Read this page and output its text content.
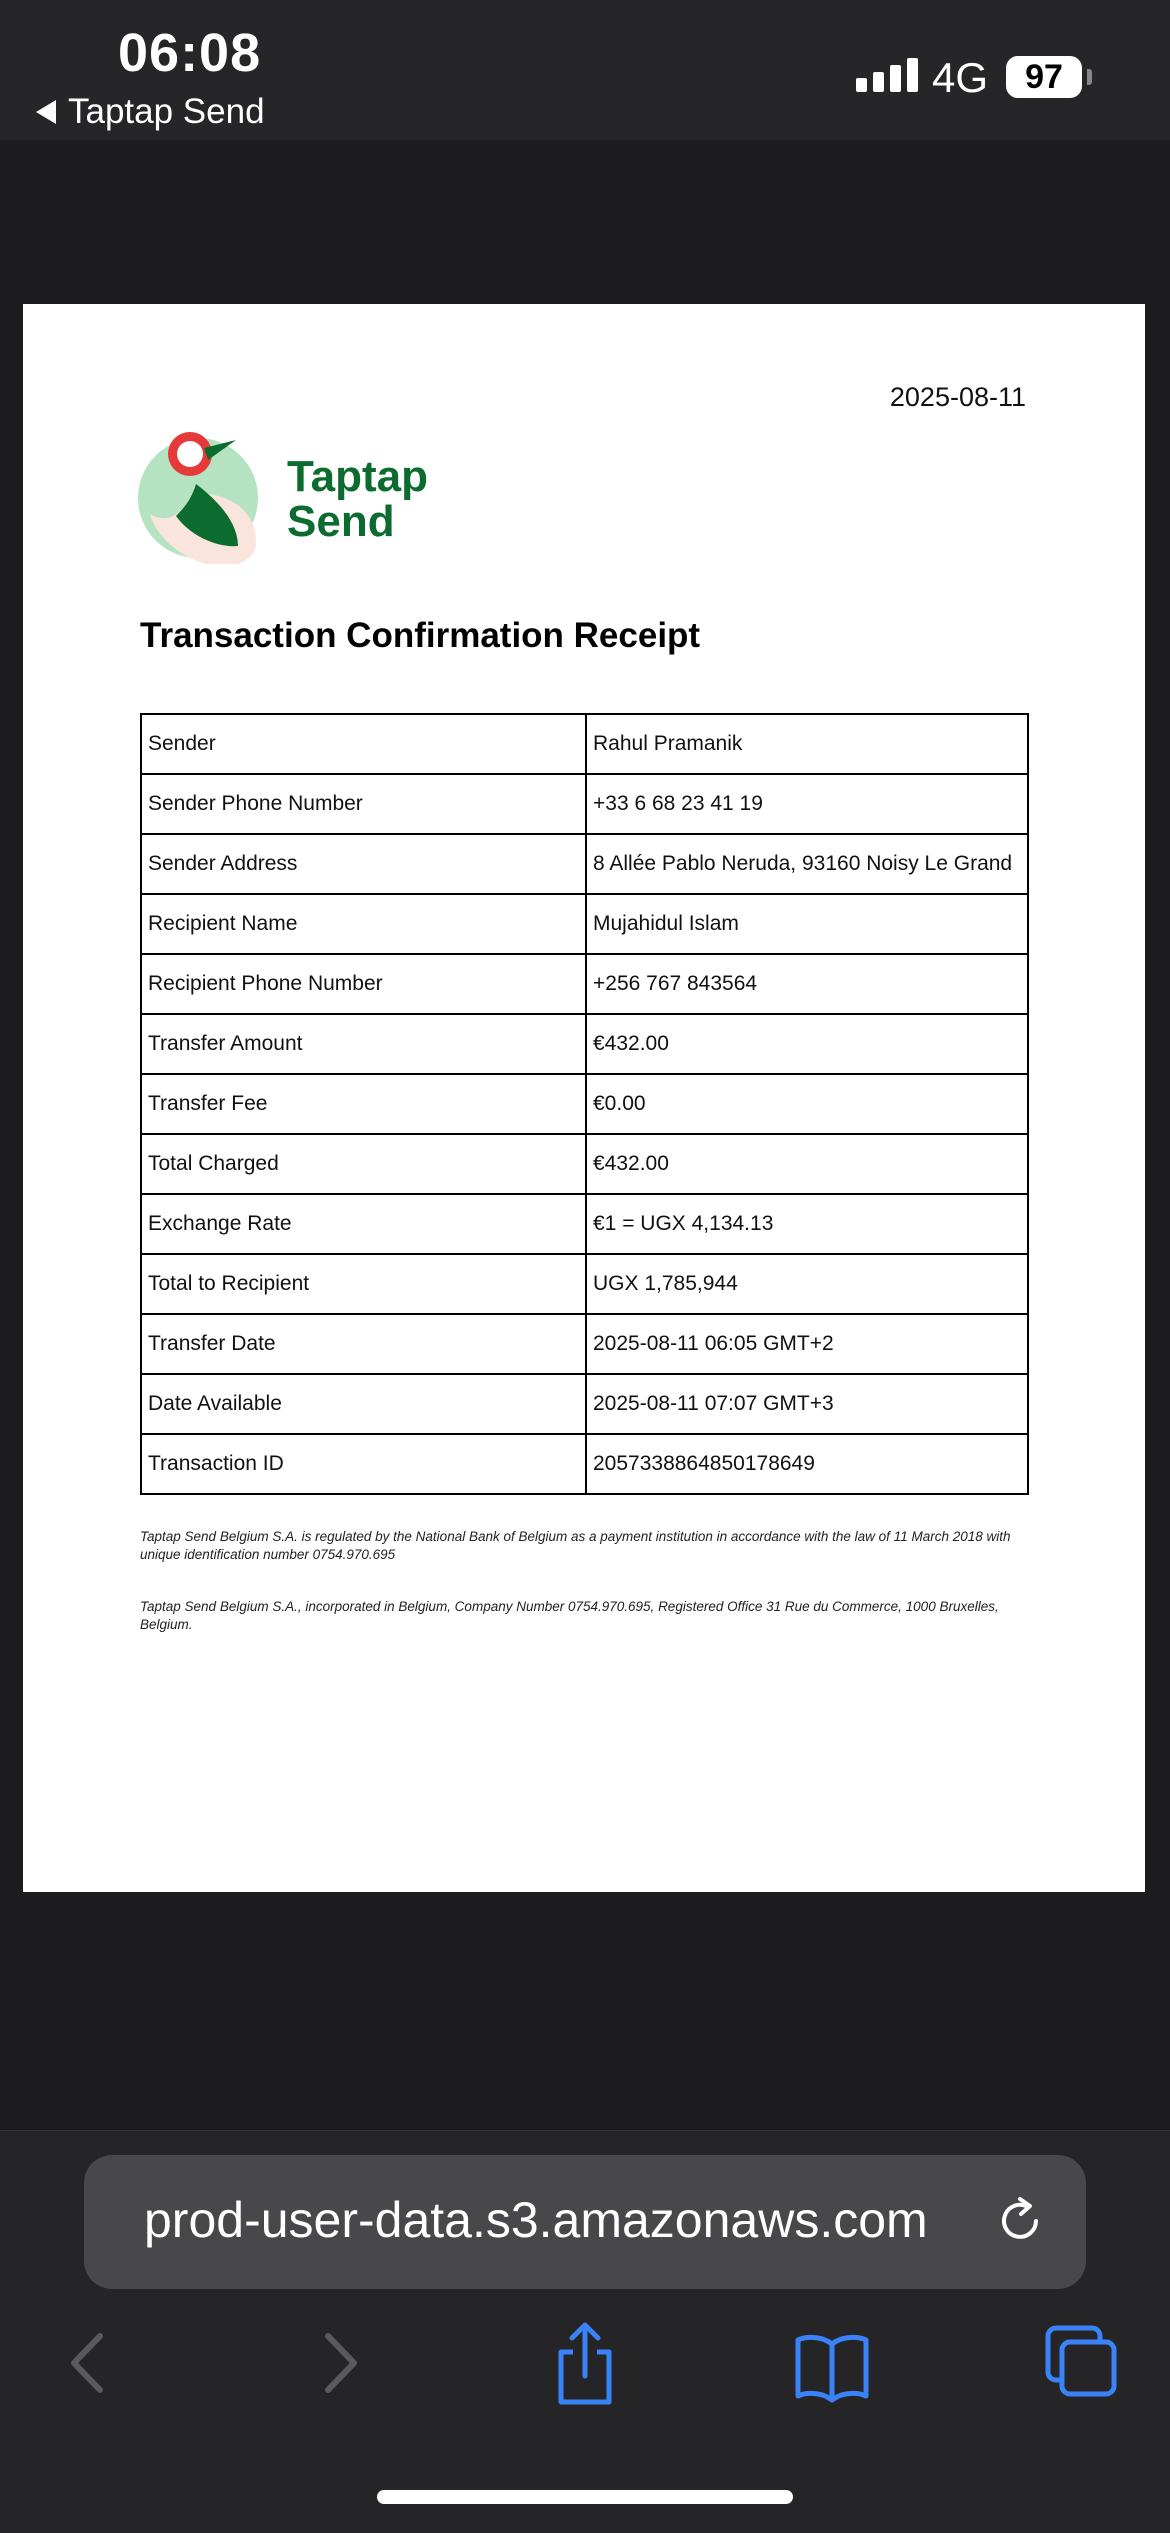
06:08
Taptap Send
4G	97
2025-08-11
Taptap
Send
Transaction Confirmation Receipt
Sender	Rahul Pramanik
Sender Phone Number	+33 6 68 23 41 19
Sender Address	8 Allée Pablo Neruda, 93160 Noisy Le Grand
Recipient Name	Mujahidul Islam
Recipient Phone Number	+256 767 843564
Transfer Amount	€432.00
Transfer Fee	€0.00
Total Charged	€432.00
Exchange Rate	€1 = UGX 4,134.13
Total to Recipient	UGX 1,785,944
Transfer Date	2025-08-11 06:05 GMT+2
Date Available	2025-08-11 07:07 GMT+3
Transaction ID	2057338864850178649
Taptap Send Belgium S.A. is regulated by the National Bank of Belgium as a payment institution in accordance with the law of 11 March 2018 with unique identification number 0754.970.695
Taptap Send Belgium S.A., incorporated in Belgium, Company Number 0754.970.695, Registered Office 31 Rue du Commerce, 1000 Bruxelles, Belgium.
prod-user-data.s3.amazonaws.com
